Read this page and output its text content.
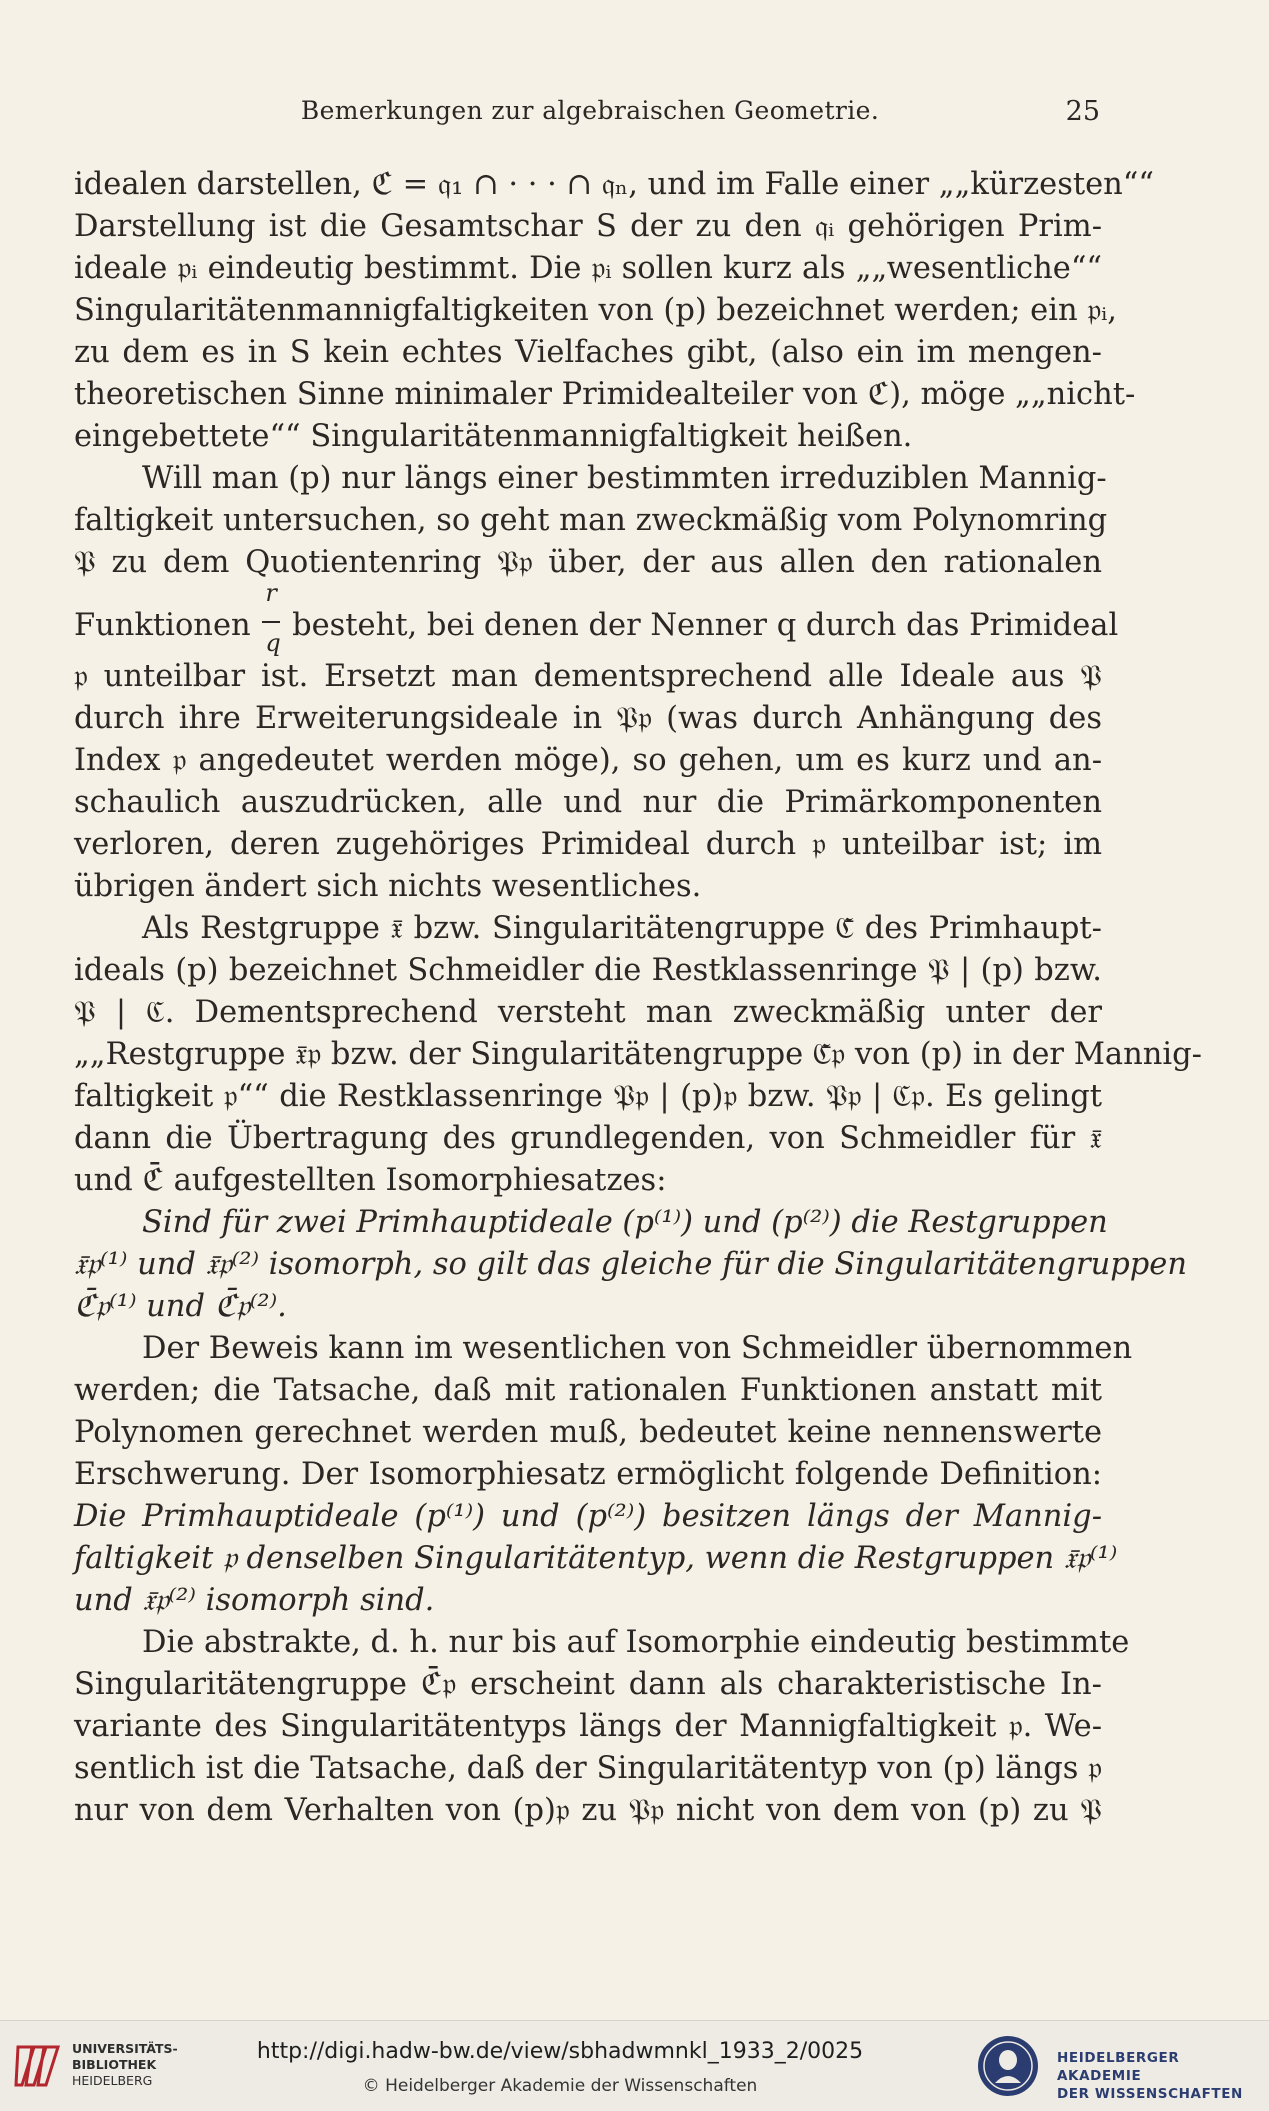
Bemerkungen zur algebraischen Geometrie.	25
idealen darstellen, ℭ = 𝔮₁ ∩ · · · ∩ 𝔮ₙ, und im Falle einer „„kürzesten““
Darstellung ist die Gesamtschar S der zu den 𝔮ᵢ gehörigen Prim-
ideale 𝔭ᵢ eindeutig bestimmt. Die 𝔭ᵢ sollen kurz als „„wesentliche““
Singularitätenmannigfaltigkeiten von (p) bezeichnet werden; ein 𝔭ᵢ,
zu dem es in S kein echtes Vielfaches gibt, (also ein im mengen-
theoretischen Sinne minimaler Primidealteiler von ℭ), möge „„nicht-
eingebettete““ Singularitätenmannigfaltigkeit heißen.
Will man (p) nur längs einer bestimmten irreduziblen Mannig-
faltigkeit untersuchen, so geht man zweckmäßig vom Polynomring
𝔓 zu dem Quotientenring 𝔓𝔭 über, der aus allen den rationalen
Funktionen $\frac{r}{q}$ besteht, bei denen der Nenner q durch das Primideal
𝔭 unteilbar ist. Ersetzt man dementsprechend alle Ideale aus 𝔓
durch ihre Erweiterungsideale in 𝔓𝔭 (was durch Anhängung des
Index 𝔭 angedeutet werden möge), so gehen, um es kurz und an-
schaulich auszudrücken, alle und nur die Primärkomponenten
verloren, deren zugehöriges Primideal durch 𝔭 unteilbar ist; im
übrigen ändert sich nichts wesentliches.
Als Restgruppe 𝔵̄ bzw. Singularitätengruppe ℭ̄ des Primhaupt-
ideals (p) bezeichnet Schmeidler die Restklassenringe 𝔓 | (p) bzw.
𝔓 | ℭ. Dementsprechend versteht man zweckmäßig unter der
„„Restgruppe 𝔵̄𝔭 bzw. der Singularitätengruppe ℭ̄𝔭 von (p) in der Mannig-
faltigkeit 𝔭““ die Restklassenringe 𝔓𝔭 | (p)𝔭 bzw. 𝔓𝔭 | ℭ𝔭. Es gelingt
dann die Übertragung des grundlegenden, von Schmeidler für 𝔵̄
und ℭ̄ aufgestellten Isomorphiesatzes:
Sind für zwei Primhauptideale (p⁽¹⁾) und (p⁽²⁾) die Restgruppen
𝔵̄𝔭⁽¹⁾ und 𝔵̄𝔭⁽²⁾ isomorph, so gilt das gleiche für die Singularitätengruppen
ℭ̄𝔭⁽¹⁾ und ℭ̄𝔭⁽²⁾.
Der Beweis kann im wesentlichen von Schmeidler übernommen
werden; die Tatsache, daß mit rationalen Funktionen anstatt mit
Polynomen gerechnet werden muß, bedeutet keine nennenswerte
Erschwerung. Der Isomorphiesatz ermöglicht folgende Definition:
Die Primhauptideale (p⁽¹⁾) und (p⁽²⁾) besitzen längs der Mannig-
faltigkeit 𝔭 denselben Singularitätentyp, wenn die Restgruppen 𝔵̄𝔭⁽¹⁾
und 𝔵̄𝔭⁽²⁾ isomorph sind.
Die abstrakte, d. h. nur bis auf Isomorphie eindeutig bestimmte
Singularitätengruppe ℭ̄𝔭 erscheint dann als charakteristische In-
variante des Singularitätentyps längs der Mannigfaltigkeit 𝔭. We-
sentlich ist die Tatsache, daß der Singularitätentyp von (p) längs 𝔭
nur von dem Verhalten von (p)𝔭 zu 𝔓𝔭 nicht von dem von (p) zu 𝔓
UNIVERSITÄTS-
BIBLIOTHEK
HEIDELBERG
http://digi.hadw-bw.de/view/sbhadwmnkl_1933_2/0025
© Heidelberger Akademie der Wissenschaften
HEIDELBERGER AKADEMIE
DER WISSENSCHAFTEN
